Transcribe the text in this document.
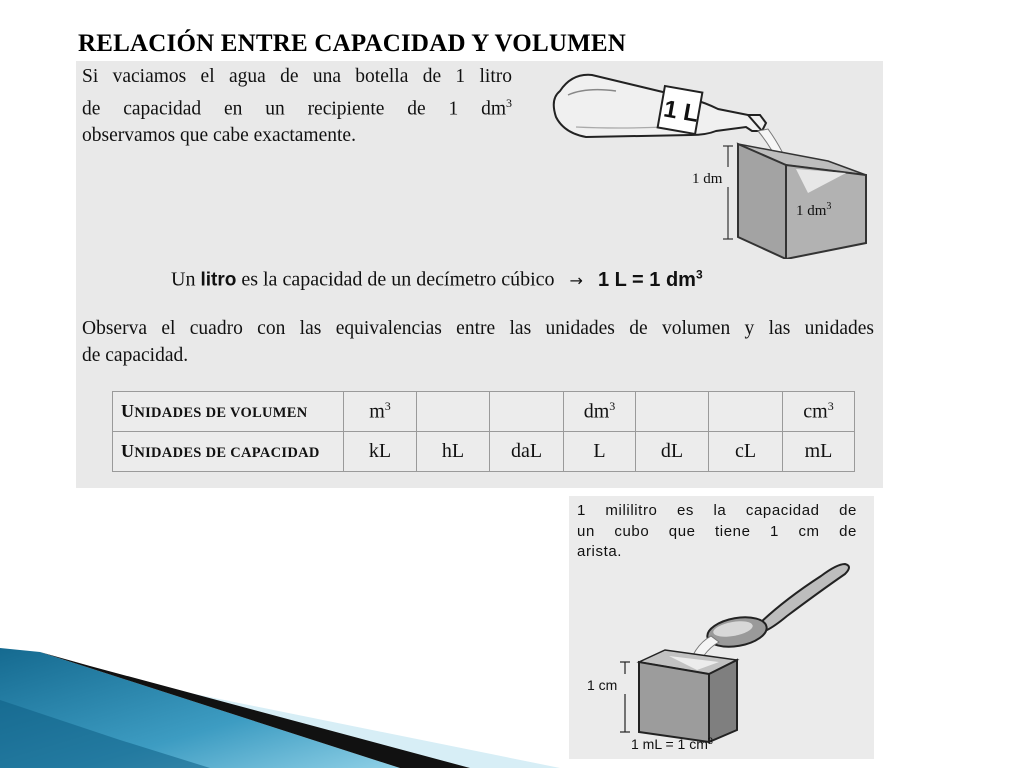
RELACIÓN ENTRE CAPACIDAD Y VOLUMEN
Si vaciamos el agua de una botella de 1 litro
de capacidad en un recipiente de 1 $dm^3$
observamos que cabe exactamente.
1 L
1 $dm^3$
1 dm
Un litro es la capacidad de un decímetro cúbico → 1 L = 1 $dm^3$
Observa el cuadro con las equivalencias entre las unidades de volumen y las unidades
de capacidad.
UNIDADES DE VOLUMEN	$m^3$			$dm^3$			$cm^3$
UNIDADES DE CAPACIDAD	kL	hL	daL	L	dL	cL	mL
1 mililitro es la capacidad de
un cubo que tiene 1 cm de
arista.
1 cm
1 mL = 1 $cm^3$
